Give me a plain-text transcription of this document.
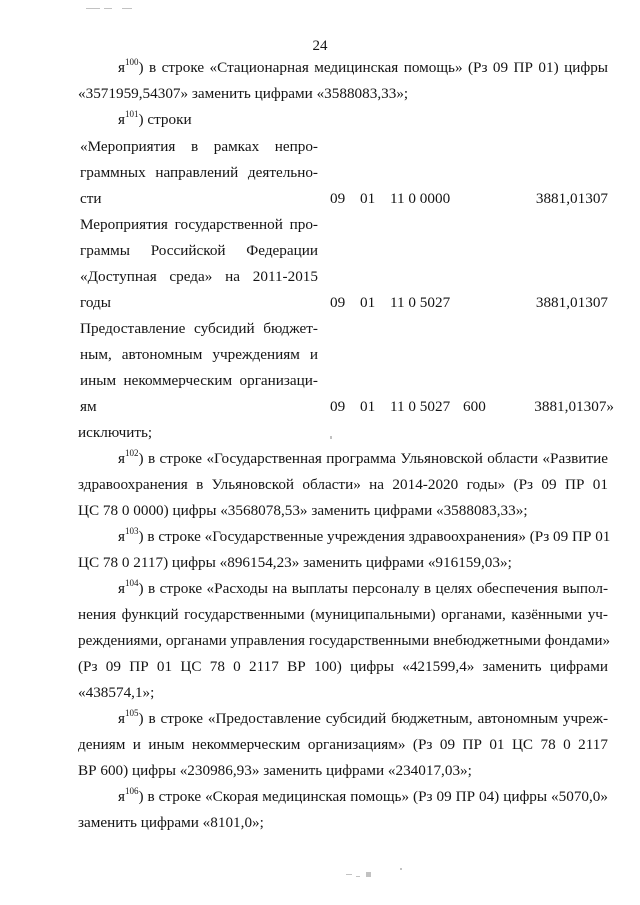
24
$я^{100}$) в строке «Стационарная медицинская помощь» (Рз 09 ПР 01) цифры
«3571959,54307» заменить цифрами «3588083,33»;
$я^{101}$) строки
«Мероприятия в рамках непро-
граммных направлений деятельно-
сти	09 01 11 0 0000	3881,01307
Мероприятия государственной про-
граммы Российской Федерации
«Доступная среда» на 2011-2015
годы	09 01 11 0 5027	3881,01307
Предоставление субсидий бюджет-
ным, автономным учреждениям и
иным некоммерческим организаци-
ям	09 01 11 0 5027 600	3881,01307»
исключить;
$я^{102}$) в строке «Государственная программа Ульяновской области «Развитие
здравоохранения в Ульяновской области» на 2014-2020 годы» (Рз 09 ПР 01
ЦС 78 0 0000) цифры «3568078,53» заменить цифрами «3588083,33»;
$я^{103}$) в строке «Государственные учреждения здравоохранения» (Рз 09 ПР 01
ЦС 78 0 2117) цифры «896154,23» заменить цифрами «916159,03»;
$я^{104}$) в строке «Расходы на выплаты персоналу в целях обеспечения выпол-
нения функций государственными (муниципальными) органами, казёнными уч-
реждениями, органами управления государственными внебюджетными фондами»
(Рз 09 ПР 01 ЦС 78 0 2117 ВР 100) цифры «421599,4» заменить цифрами
«438574,1»;
$я^{105}$) в строке «Предоставление субсидий бюджетным, автономным учреж-
дениям и иным некоммерческим организациям» (Рз 09 ПР 01 ЦС 78 0 2117
ВР 600) цифры «230986,93» заменить цифрами «234017,03»;
$я^{106}$) в строке «Скорая медицинская помощь» (Рз 09 ПР 04) цифры «5070,0»
заменить цифрами «8101,0»;
